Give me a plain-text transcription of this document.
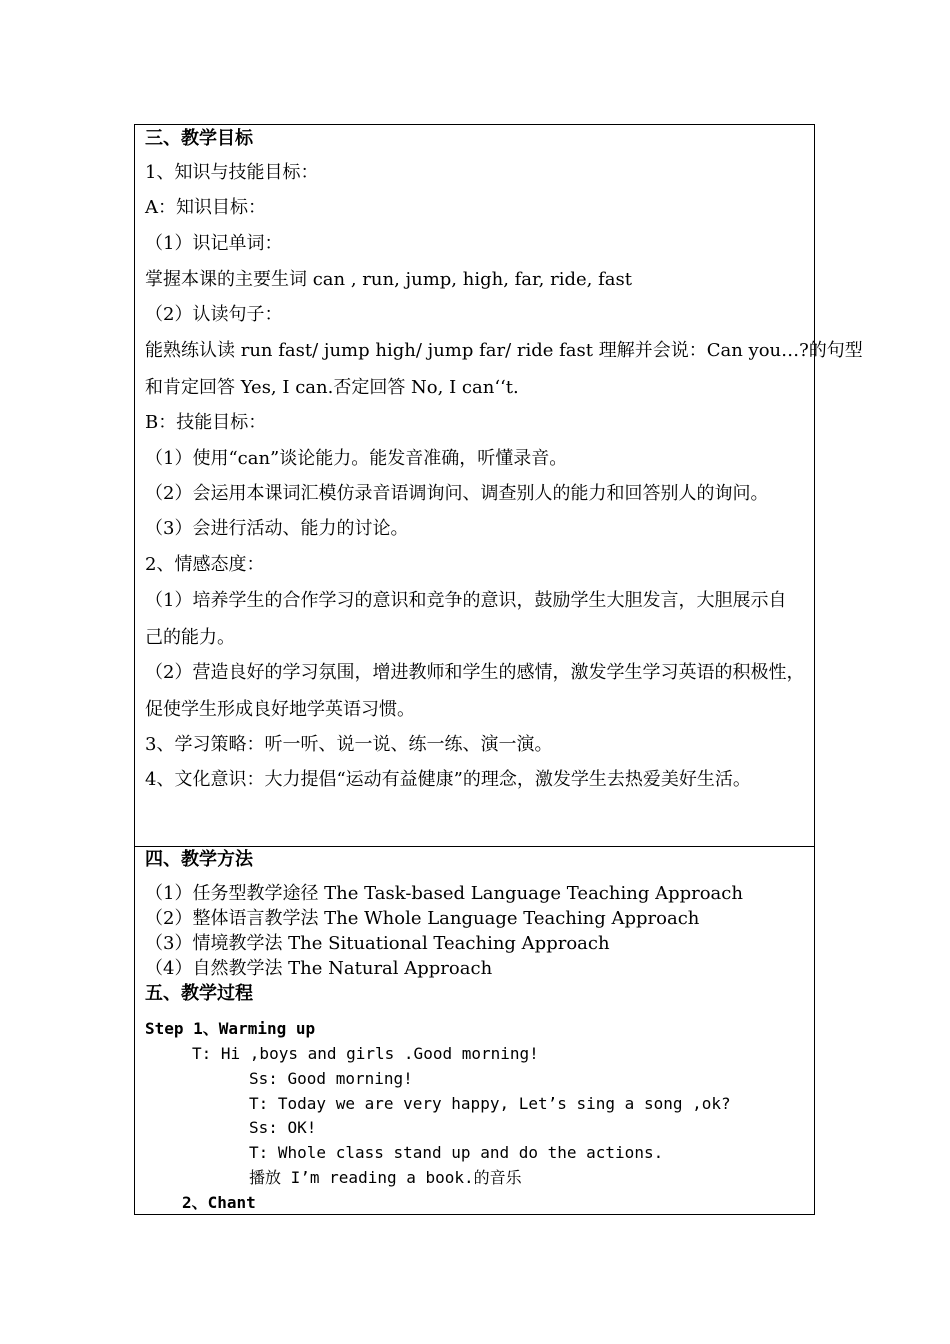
三、教学目标
1、知识与技能目标：
A：知识目标：
（1）识记单词：
掌握本课的主要生词 can , run, jump, high, far, ride, fast
（2）认读句子：
能熟练认读 run fast/ jump high/ jump far/ ride fast 理解并会说：Can you…?的句型
和肯定回答 Yes, I can.否定回答 No, I can‘‘t.
B：技能目标：
（1）使用“can”谈论能力。能发音准确，听懂录音。
（2）会运用本课词汇模仿录音语调询问、调查别人的能力和回答别人的询问。
（3）会进行活动、能力的讨论。
2、情感态度：
（1）培养学生的合作学习的意识和竞争的意识，鼓励学生大胆发言，大胆展示自
己的能力。
（2）营造良好的学习氛围，增进教师和学生的感情，激发学生学习英语的积极性，
促使学生形成良好地学英语习惯。
3、学习策略：听一听、说一说、练一练、演一演。
4、文化意识：大力提倡“运动有益健康”的理念，激发学生去热爱美好生活。
四、教学方法
（1）任务型教学途径 The Task-based Language Teaching Approach
（2）整体语言教学法 The Whole Language Teaching Approach
（3）情境教学法 The Situational Teaching Approach
（4）自然教学法 The Natural Approach
五、教学过程
Step 1、Warming up
T: Hi ,boys and girls .Good morning!
Ss: Good morning!
T: Today we are very happy, Let’s sing a song ,ok?
Ss: OK!
T: Whole class stand up and do the actions.
播放 I’m reading a book.的音乐
2、Chant
